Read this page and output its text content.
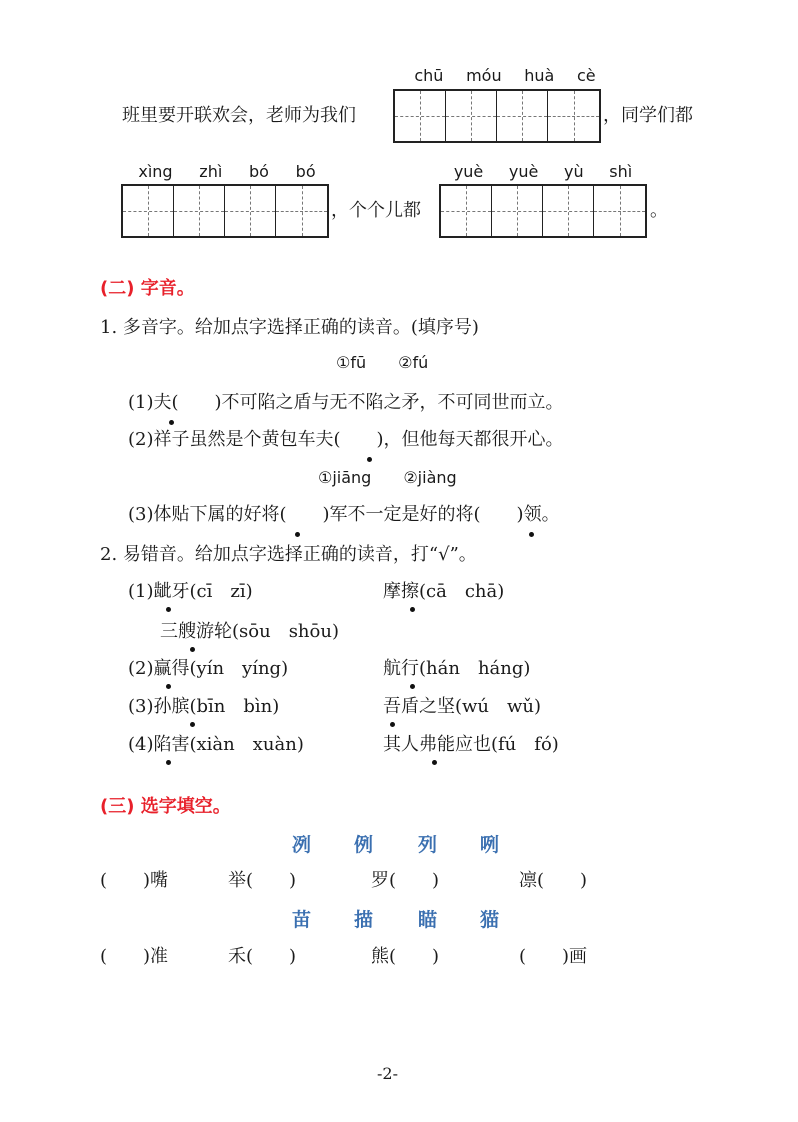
chū móu huà cè
班里要开联欢会，老师为我们	，同学们都
xìng zhì bó bó
，个个儿都
yuè yuè yù shì
。
(二) 字音。
1. 多音字。给加点字选择正确的读音。(填序号)
①fū　　②fú
(1)夫(　　)不可陷之盾与无不陷之矛，不可同世而立。
(2)祥子虽然是个黄包车夫(　　)，但他每天都很开心。
①jiāng　　②jiàng
(3)体贴下属的好将(　　)军不一定是好的将(　　)领。
2. 易错音。给加点字选择正确的读音，打“√”。
(1)龇牙(cī　zī)	摩擦(cā　chā)
三艘游轮(sōu　shōu)
(2)赢得(yín　yíng)	航行(hán　háng)
(3)孙膑(bīn　bìn)	吾盾之坚(wú　wǔ)
(4)陷害(xiàn　xuàn)	其人弗能应也(fú　fó)
(三) 选字填空。
冽 例 列 咧
(　　)嘴	举(　　)	罗(　　)	凛(　　)
苗 描 瞄 猫
(　　)准	禾(　　)	熊(　　)	(　　)画
-2-
